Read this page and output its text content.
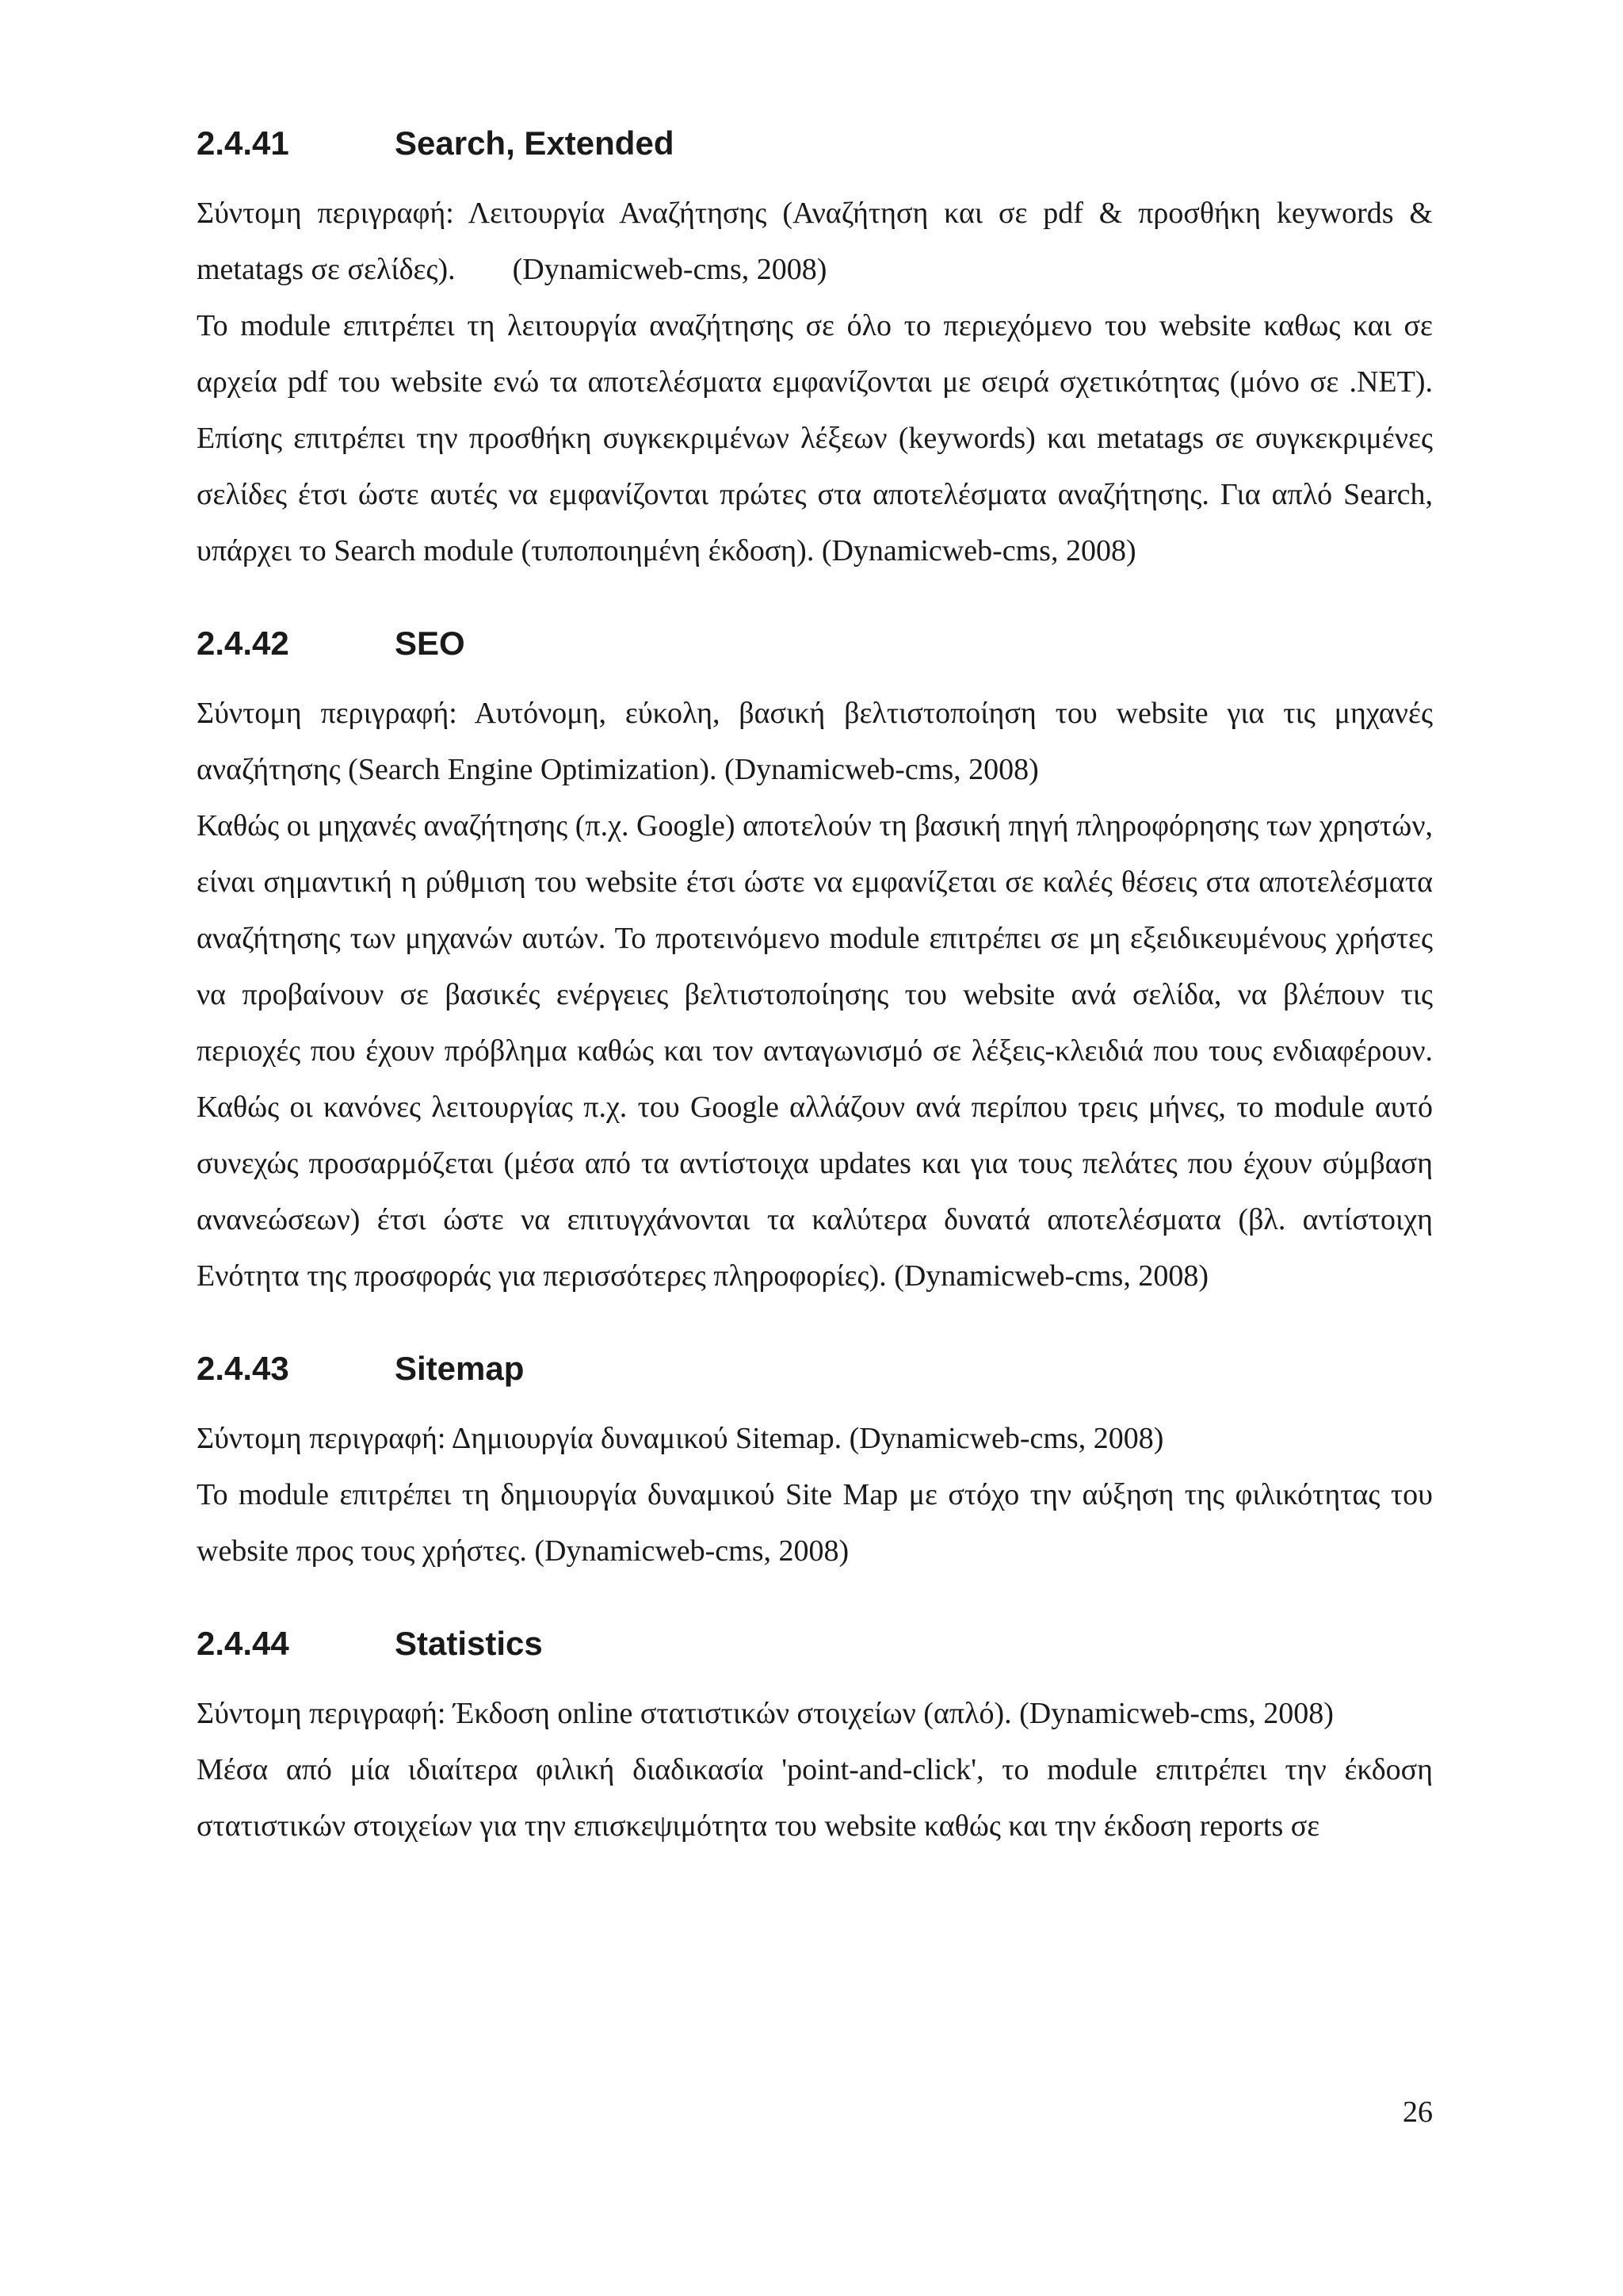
2.4.41	Search, Extended

Σύντομη περιγραφή: Λειτουργία Αναζήτησης (Αναζήτηση και σε pdf & προσθήκη keywords & metatags σε σελίδες). (Dynamicweb-cms, 2008)

Το module επιτρέπει τη λειτουργία αναζήτησης σε όλο το περιεχόμενο του website καθως και σε αρχεία pdf του website ενώ τα αποτελέσματα εμφανίζονται με σειρά σχετικότητας (μόνο σε .NET). Επίσης επιτρέπει την προσθήκη συγκεκριμένων λέξεων (keywords) και metatags σε συγκεκριμένες σελίδες έτσι ώστε αυτές να εμφανίζονται πρώτες στα αποτελέσματα αναζήτησης. Για απλό Search, υπάρχει το Search module (τυποποιημένη έκδοση). (Dynamicweb-cms, 2008)

2.4.42	SEO

Σύντομη περιγραφή: Αυτόνομη, εύκολη, βασική βελτιστοποίηση του website για τις μηχανές αναζήτησης (Search Engine Optimization). (Dynamicweb-cms, 2008)

Καθώς οι μηχανές αναζήτησης (π.χ. Google) αποτελούν τη βασική πηγή πληροφόρησης των χρηστών, είναι σημαντική η ρύθμιση του website έτσι ώστε να εμφανίζεται σε καλές θέσεις στα αποτελέσματα αναζήτησης των μηχανών αυτών. Το προτεινόμενο module επιτρέπει σε μη εξειδικευμένους χρήστες να προβαίνουν σε βασικές ενέργειες βελτιστοποίησης του website ανά σελίδα, να βλέπουν τις περιοχές που έχουν πρόβλημα καθώς και τον ανταγωνισμό σε λέξεις-κλειδιά που τους ενδιαφέρουν. Καθώς οι κανόνες λειτουργίας π.χ. του Google αλλάζουν ανά περίπου τρεις μήνες, το module αυτό συνεχώς προσαρμόζεται (μέσα από τα αντίστοιχα updates και για τους πελάτες που έχουν σύμβαση ανανεώσεων) έτσι ώστε να επιτυγχάνονται τα καλύτερα δυνατά αποτελέσματα (βλ. αντίστοιχη Ενότητα της προσφοράς για περισσότερες πληροφορίες). (Dynamicweb-cms, 2008)

2.4.43	Sitemap

Σύντομη περιγραφή: Δημιουργία δυναμικού Sitemap. (Dynamicweb-cms, 2008)

Το module επιτρέπει τη δημιουργία δυναμικού Site Map με στόχο την αύξηση της φιλικότητας του website προς τους χρήστες. (Dynamicweb-cms, 2008)

2.4.44	Statistics

Σύντομη περιγραφή: Έκδοση online στατιστικών στοιχείων (απλό). (Dynamicweb-cms, 2008)

Μέσα από μία ιδιαίτερα φιλική διαδικασία 'point-and-click', το module επιτρέπει την έκδοση στατιστικών στοιχείων για την επισκεψιμότητα του website καθώς και την έκδοση reports σε

26
